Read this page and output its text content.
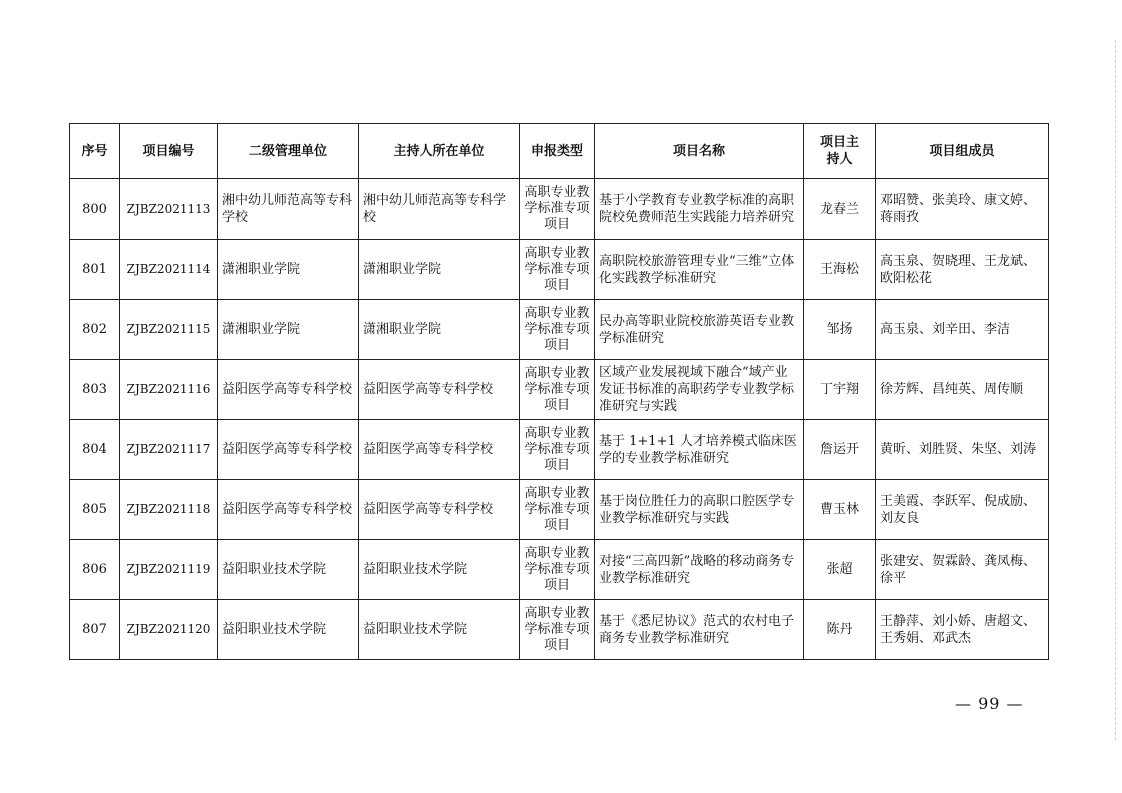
序号	项目编号	二级管理单位	主持人所在单位	申报类型	项目名称	项目主持人	项目组成员
800	ZJBZ2021113	湘中幼儿师范高等专科学校	湘中幼儿师范高等专科学校	高职专业教学标准专项项目	基于小学教育专业教学标准的高职院校免费师范生实践能力培养研究	龙春兰	邓昭赞、张美玲、康文婷、蒋雨孜
801	ZJBZ2021114	潇湘职业学院	潇湘职业学院	高职专业教学标准专项项目	高职院校旅游管理专业“三维”立体化实践教学标准研究	王海松	高玉泉、贺晓理、王龙斌、欧阳松花
802	ZJBZ2021115	潇湘职业学院	潇湘职业学院	高职专业教学标准专项项目	民办高等职业院校旅游英语专业教学标准研究	邹扬	高玉泉、刘辛田、李洁
803	ZJBZ2021116	益阳医学高等专科学校	益阳医学高等专科学校	高职专业教学标准专项项目	区域产业发展视域下融合“域产业发证书标准的高职药学专业教学标准研究与实践	丁宇翔	徐芳辉、昌纯英、周传顺
804	ZJBZ2021117	益阳医学高等专科学校	益阳医学高等专科学校	高职专业教学标准专项项目	基于 1+1+1 人才培养模式临床医学的专业教学标准研究	詹运开	黄昕、刘胜贤、朱坚、刘涛
805	ZJBZ2021118	益阳医学高等专科学校	益阳医学高等专科学校	高职专业教学标准专项项目	基于岗位胜任力的高职口腔医学专业教学标准研究与实践	曹玉林	王美霞、李跃军、倪成励、刘友良
806	ZJBZ2021119	益阳职业技术学院	益阳职业技术学院	高职专业教学标准专项项目	对接“三高四新”战略的移动商务专业教学标准研究	张超	张建安、贺霖龄、龚凤梅、徐平
807	ZJBZ2021120	益阳职业技术学院	益阳职业技术学院	高职专业教学标准专项项目	基于《悉尼协议》范式的农村电子商务专业教学标准研究	陈丹	王静萍、刘小娇、唐超文、王秀娟、邓武杰
— 99 —
